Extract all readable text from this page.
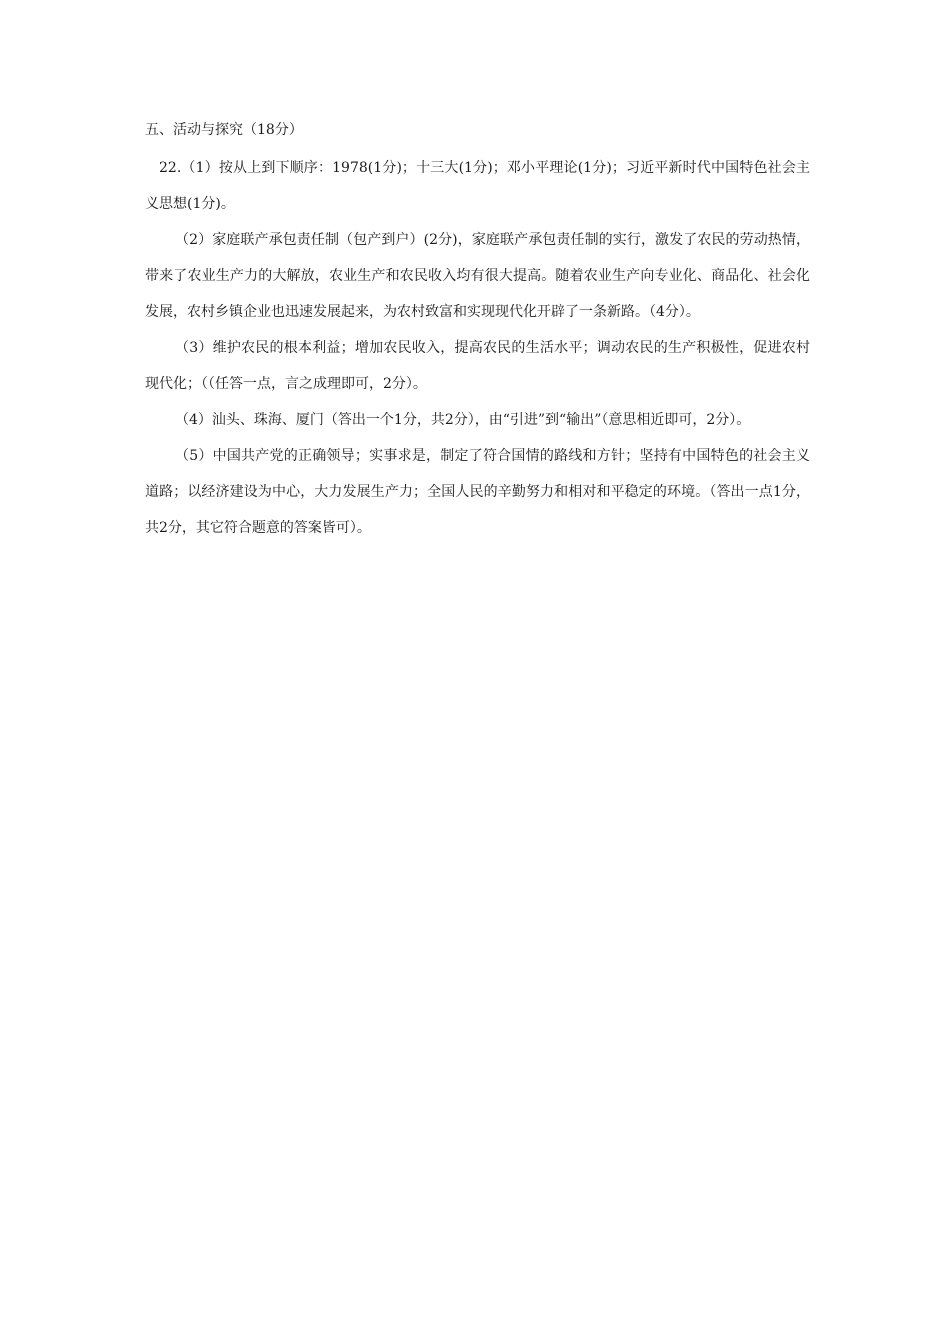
五、活动与探究（18分）

22.（1）按从上到下顺序：1978(1分)；十三大(1分)；邓小平理论(1分)；习近平新时代中国特色社会主义思想(1分)。

（2）家庭联产承包责任制（包产到户）(2分)，家庭联产承包责任制的实行，激发了农民的劳动热情，带来了农业生产力的大解放，农业生产和农民收入均有很大提高。随着农业生产向专业化、商品化、社会化发展，农村乡镇企业也迅速发展起来，为农村致富和实现现代化开辟了一条新路。（4分）。

（3）维护农民的根本利益；增加农民收入，提高农民的生活水平；调动农民的生产积极性，促进农村现代化；（（任答一点，言之成理即可，2分）。

（4）汕头、珠海、厦门（答出一个1分，共2分），由“引进”到“输出”（意思相近即可，2分）。

（5）中国共产党的正确领导；实事求是，制定了符合国情的路线和方针；坚持有中国特色的社会主义道路；以经济建设为中心，大力发展生产力；全国人民的辛勤努力和相对和平稳定的环境。（答出一点1分，共2分，其它符合题意的答案皆可）。
